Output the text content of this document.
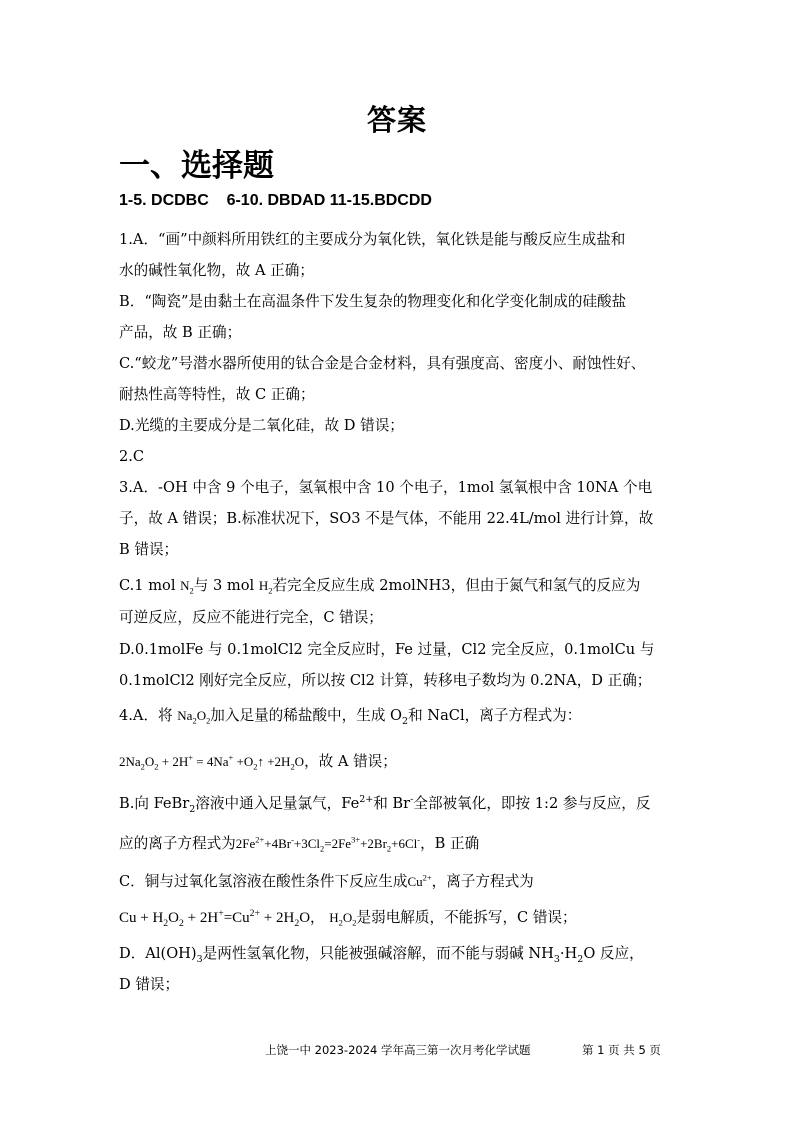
答案
一、选择题
1-5. DCDBC    6-10. DBDAD 11-15.BDCDD
1.A．“画”中颜料所用铁红的主要成分为氧化铁，氧化铁是能与酸反应生成盐和
水的碱性氧化物，故 A 正确；
B．“陶瓷”是由黏土在高温条件下发生复杂的物理变化和化学变化制成的硅酸盐
产品，故 B 正确；
C.“蛟龙”号潜水器所使用的钛合金是合金材料，具有强度高、密度小、耐蚀性好、
耐热性高等特性，故 C 正确；
D.光缆的主要成分是二氧化硅，故 D 错误；
2.C
3.A．-OH 中含 9 个电子，氢氧根中含 10 个电子，1mol 氢氧根中含 10NA 个电
子，故 A 错误；B.标准状况下，SO3 不是气体，不能用 22.4L/mol 进行计算，故
B 错误；
C.1 mol $N_2$与 3 mol $H_2$若完全反应生成 2molNH3，但由于氮气和氢气的反应为
可逆反应，反应不能进行完全，C 错误；
D.0.1molFe 与 0.1molCl2 完全反应时，Fe 过量，Cl2 完全反应，0.1molCu 与
0.1molCl2 刚好完全反应，所以按 Cl2 计算，转移电子数均为 0.2NA，D 正确；
4.A．将 $Na_2O_2$加入足量的稀盐酸中，生成 $O_2$和 NaCl，离子方程式为：
$2Na_2O_2 + 2H^+ = 4Na^+$ $+O_2↑ +2H_2O$，故 A 错误；
B.向 FeBr$_2$溶液中通入足量氯气，$Fe^{2+}$和 Br-全部被氧化，即按 1:2 参与反应，反
应的离子方程式为$2Fe^{2+}+4Br^-+3Cl_2=2Fe^{3+}+2Br_2+6Cl^-$，B 正确
C．铜与过氧化氢溶液在酸性条件下反应生成$Cu^{2+}$，离子方程式为
$Cu + H_2O_2 + 2H^+=Cu^{2+} + 2H_2O$， $H_2O_2$是弱电解质，不能拆写，C 错误；
D．$Al(OH)_3$是两性氢氧化物，只能被强碱溶解，而不能与弱碱 $NH_3\cdot H_2O$ 反应，
D 错误；
上饶一中 2023-2024 学年高三第一次月考化学试题	第 1 页 共 5 页
